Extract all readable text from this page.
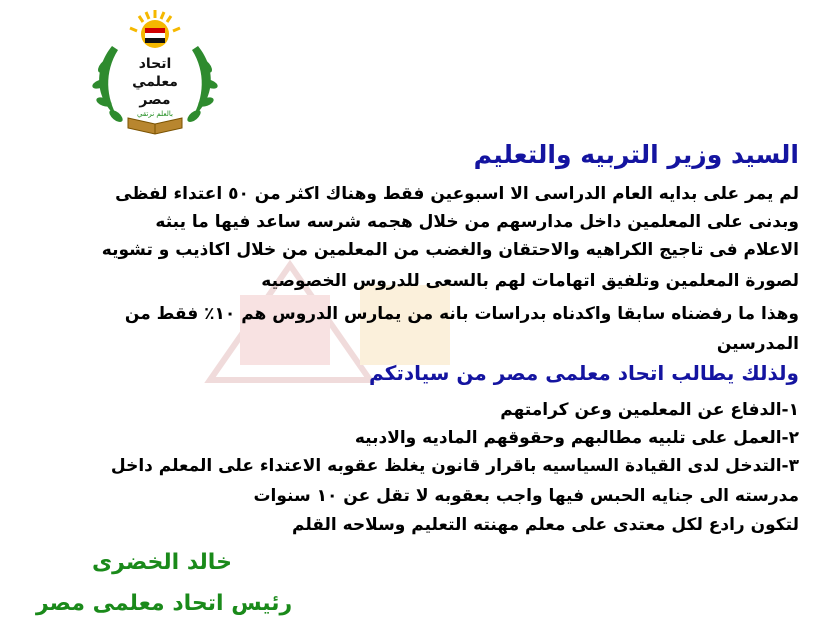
اتحاد
معلمي
مصر
بالعلم نرتقي
السيد وزير التربيه والتعليم
لم يمر على بدايه العام الدراسى الا اسبوعين فقط وهناك اكثر من ٥٠ اعتداء لفظى
وبدنى على المعلمين داخل مدارسهم من خلال هجمه شرسه ساعد فيها ما يبثه
الاعلام فى تاجيج الكراهيه والاحتقان والغضب من المعلمين من خلال اكاذيب و تشويه
لصورة المعلمين وتلفيق اتهامات لهم بالسعى للدروس الخصوصيه
وهذا ما رفضناه سابقا واكدناه بدراسات بانه من يمارس الدروس هم ١٠٪ فقط من
المدرسين
ولذلك يطالب اتحاد معلمى مصر من سيادتكم
١-الدفاع عن المعلمين وعن كرامتهم
٢-العمل على تلبيه مطالبهم وحقوقهم الماديه والادبيه
٣-التدخل لدى القيادة السياسيه باقرار قانون يغلظ عقوبه الاعتداء على المعلم داخل
مدرسته الى جنايه الحبس فيها واجب بعقوبه لا تقل عن ١٠ سنوات
لتكون رادع لكل معتدى على معلم مهنته التعليم وسلاحه القلم
خالد الخضرى
رئيس اتحاد معلمى مصر
